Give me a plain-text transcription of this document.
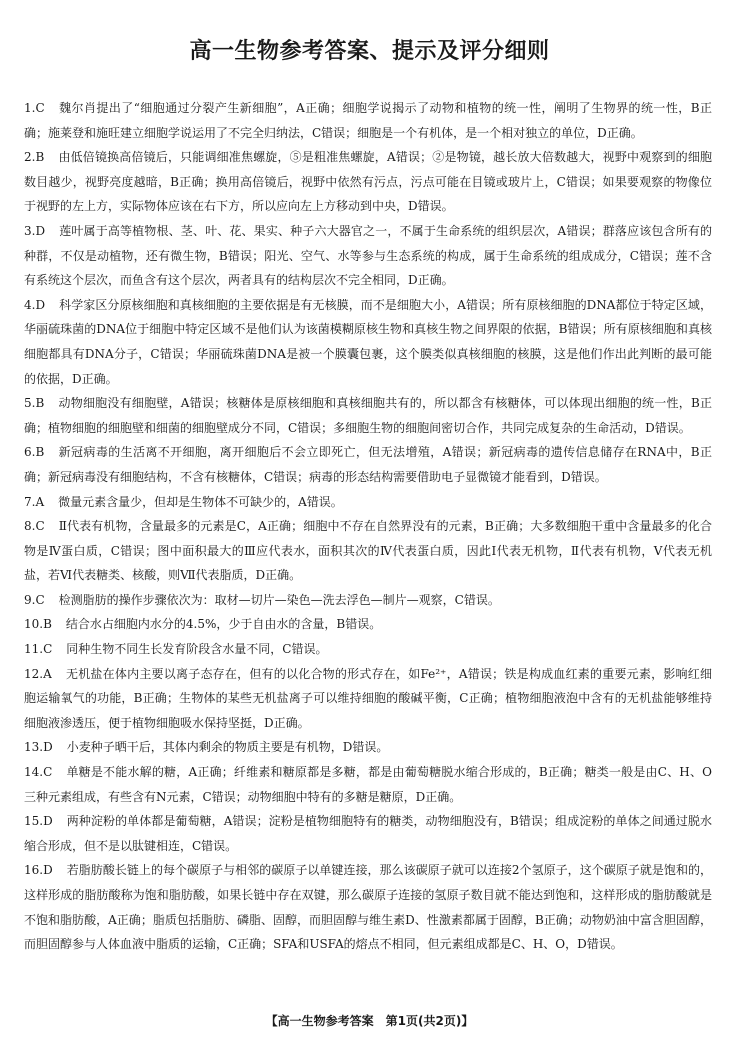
高一生物参考答案、提示及评分细则

1.C 魏尔肖提出了“细胞通过分裂产生新细胞”，A正确；细胞学说揭示了动物和植物的统一性，阐明了生物界的统一性，B正确；施莱登和施旺建立细胞学说运用了不完全归纳法，C错误；细胞是一个有机体，是一个相对独立的单位，D正确。

2.B 由低倍镜换高倍镜后，只能调细准焦螺旋，⑤是粗准焦螺旋，A错误；②是物镜，越长放大倍数越大，视野中观察到的细胞数目越少，视野亮度越暗，B正确；换用高倍镜后，视野中依然有污点，污点可能在目镜或玻片上，C错误；如果要观察的物像位于视野的左上方，实际物体应该在右下方，所以应向左上方移动到中央，D错误。

3.D 莲叶属于高等植物根、茎、叶、花、果实、种子六大器官之一，不属于生命系统的组织层次，A错误；群落应该包含所有的种群，不仅是动植物，还有微生物，B错误；阳光、空气、水等参与生态系统的构成，属于生命系统的组成成分，C错误；莲不含有系统这个层次，而鱼含有这个层次，两者具有的结构层次不完全相同，D正确。

4.D 科学家区分原核细胞和真核细胞的主要依据是有无核膜，而不是细胞大小，A错误；所有原核细胞的DNA都位于特定区域，华丽硫珠菌的DNA位于细胞中特定区域不是他们认为该菌模糊原核生物和真核生物之间界限的依据，B错误；所有原核细胞和真核细胞都具有DNA分子，C错误；华丽硫珠菌DNA是被一个膜囊包裹，这个膜类似真核细胞的核膜，这是他们作出此判断的最可能的依据，D正确。

5.B 动物细胞没有细胞壁，A错误；核糖体是原核细胞和真核细胞共有的，所以都含有核糖体，可以体现出细胞的统一性，B正确；植物细胞的细胞壁和细菌的细胞壁成分不同，C错误；多细胞生物的细胞间密切合作，共同完成复杂的生命活动，D错误。

6.B 新冠病毒的生活离不开细胞，离开细胞后不会立即死亡，但无法增殖，A错误；新冠病毒的遗传信息储存在RNA中，B正确；新冠病毒没有细胞结构，不含有核糖体，C错误；病毒的形态结构需要借助电子显微镜才能看到，D错误。

7.A 微量元素含量少，但却是生物体不可缺少的，A错误。

8.C Ⅱ代表有机物，含量最多的元素是C，A正确；细胞中不存在自然界没有的元素，B正确；大多数细胞干重中含量最多的化合物是Ⅳ蛋白质，C错误；图中面积最大的Ⅲ应代表水，面积其次的Ⅳ代表蛋白质，因此Ⅰ代表无机物，Ⅱ代表有机物，Ⅴ代表无机盐，若Ⅵ代表糖类、核酸，则Ⅶ代表脂质，D正确。

9.C 检测脂肪的操作步骤依次为：取材—切片—染色—洗去浮色—制片—观察，C错误。

10.B 结合水占细胞内水分的4.5%，少于自由水的含量，B错误。

11.C 同种生物不同生长发育阶段含水量不同，C错误。

12.A 无机盐在体内主要以离子态存在，但有的以化合物的形式存在，如Fe²⁺，A错误；铁是构成血红素的重要元素，影响红细胞运输氧气的功能，B正确；生物体的某些无机盐离子可以维持细胞的酸碱平衡，C正确；植物细胞液泡中含有的无机盐能够维持细胞液渗透压，便于植物细胞吸水保持坚挺，D正确。

13.D 小麦种子晒干后，其体内剩余的物质主要是有机物，D错误。

14.C 单糖是不能水解的糖，A正确；纤维素和糖原都是多糖，都是由葡萄糖脱水缩合形成的，B正确；糖类一般是由C、H、O三种元素组成，有些含有N元素，C错误；动物细胞中特有的多糖是糖原，D正确。

15.D 两种淀粉的单体都是葡萄糖，A错误；淀粉是植物细胞特有的糖类，动物细胞没有，B错误；组成淀粉的单体之间通过脱水缩合形成，但不是以肽键相连，C错误。

16.D 若脂肪酸长链上的每个碳原子与相邻的碳原子以单键连接，那么该碳原子就可以连接2个氢原子，这个碳原子就是饱和的，这样形成的脂肪酸称为饱和脂肪酸，如果长链中存在双键，那么碳原子连接的氢原子数目就不能达到饱和，这样形成的脂肪酸就是不饱和脂肪酸，A正确；脂质包括脂肪、磷脂、固醇，而胆固醇与维生素D、性激素都属于固醇，B正确；动物奶油中富含胆固醇，而胆固醇参与人体血液中脂质的运输，C正确；SFA和USFA的熔点不相同，但元素组成都是C、H、O，D错误。

【高一生物参考答案　第1页(共2页)】
